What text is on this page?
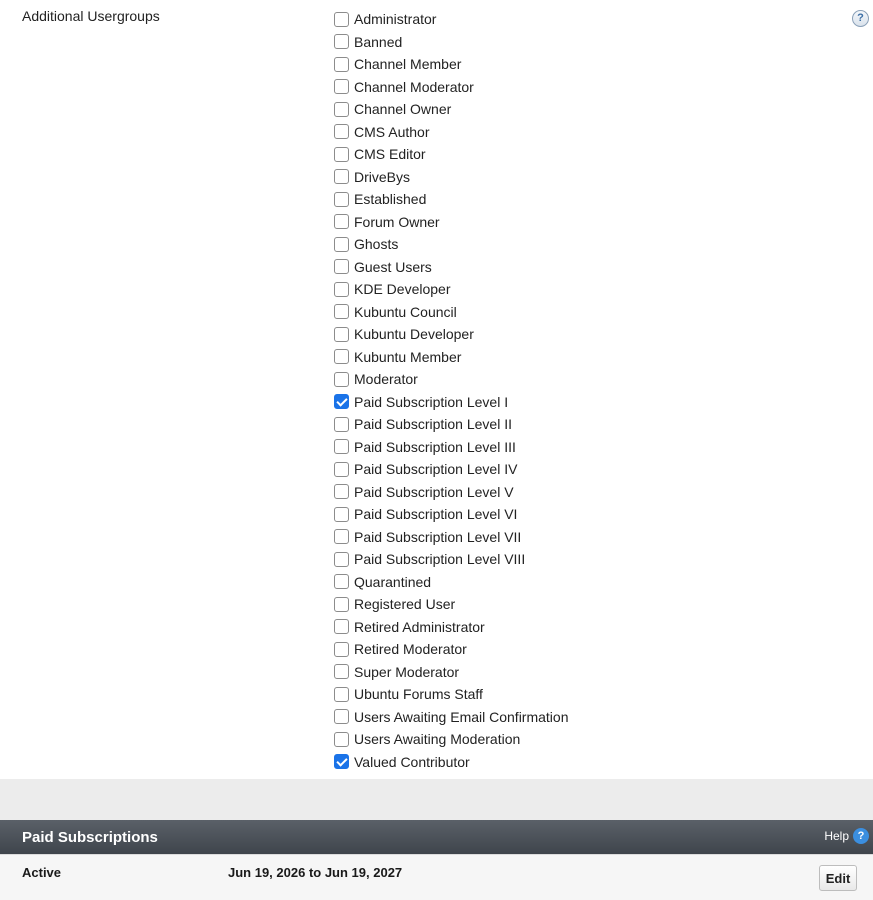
Additional Usergroups	?
Administrator
Banned
Channel Member
Channel Moderator
Channel Owner
CMS Author
CMS Editor
DriveBys
Established
Forum Owner
Ghosts
Guest Users
KDE Developer
Kubuntu Council
Kubuntu Developer
Kubuntu Member
Moderator
Paid Subscription Level I
Paid Subscription Level II
Paid Subscription Level III
Paid Subscription Level IV
Paid Subscription Level V
Paid Subscription Level VI
Paid Subscription Level VII
Paid Subscription Level VIII
Quarantined
Registered User
Retired Administrator
Retired Moderator
Super Moderator
Ubuntu Forums Staff
Users Awaiting Email Confirmation
Users Awaiting Moderation
Valued Contributor
Paid Subscriptions	Help ?
Active	Jun 19, 2026 to Jun 19, 2027	Edit
